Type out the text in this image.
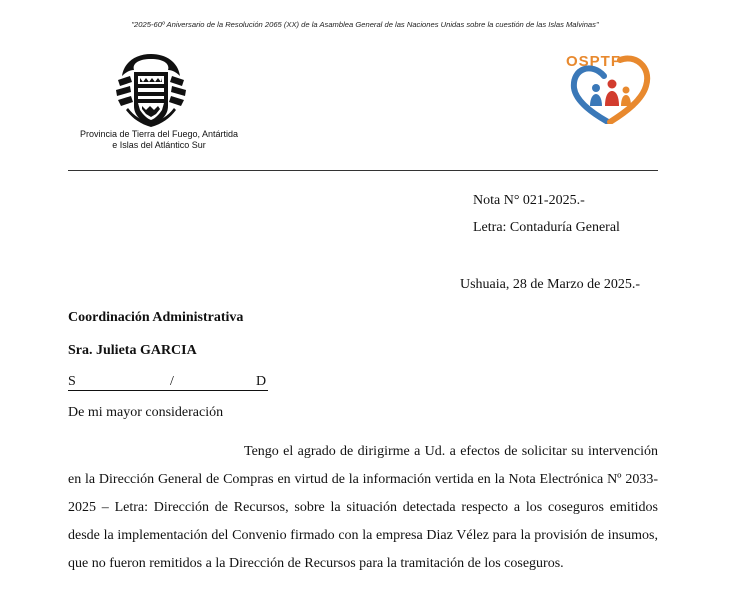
"2025-60º Aniversario de la Resolución 2065 (XX) de la Asamblea General de las Naciones Unidas sobre la cuestión de las Islas Malvinas"
Provincia de Tierra del Fuego, Antártida
e Islas del Atlántico Sur
OSPTF
Nota N° 021-2025.-
Letra: Contaduría General
Ushuaia, 28 de Marzo de 2025.-
Coordinación Administrativa
Sra. Julieta GARCIA
S	/	D
De mi mayor consideración
Tengo el agrado de dirigirme a Ud. a efectos de solicitar su intervención en la Dirección General de Compras en virtud de la información vertida en la Nota Electrónica Nº 2033-2025 – Letra: Dirección de Recursos, sobre la situación detectada respecto a los coseguros emitidos desde la implementación del Convenio firmado con la empresa Diaz Vélez para la provisión de insumos, que no fueron remitidos a la Dirección de Recursos para la tramitación de los coseguros.
